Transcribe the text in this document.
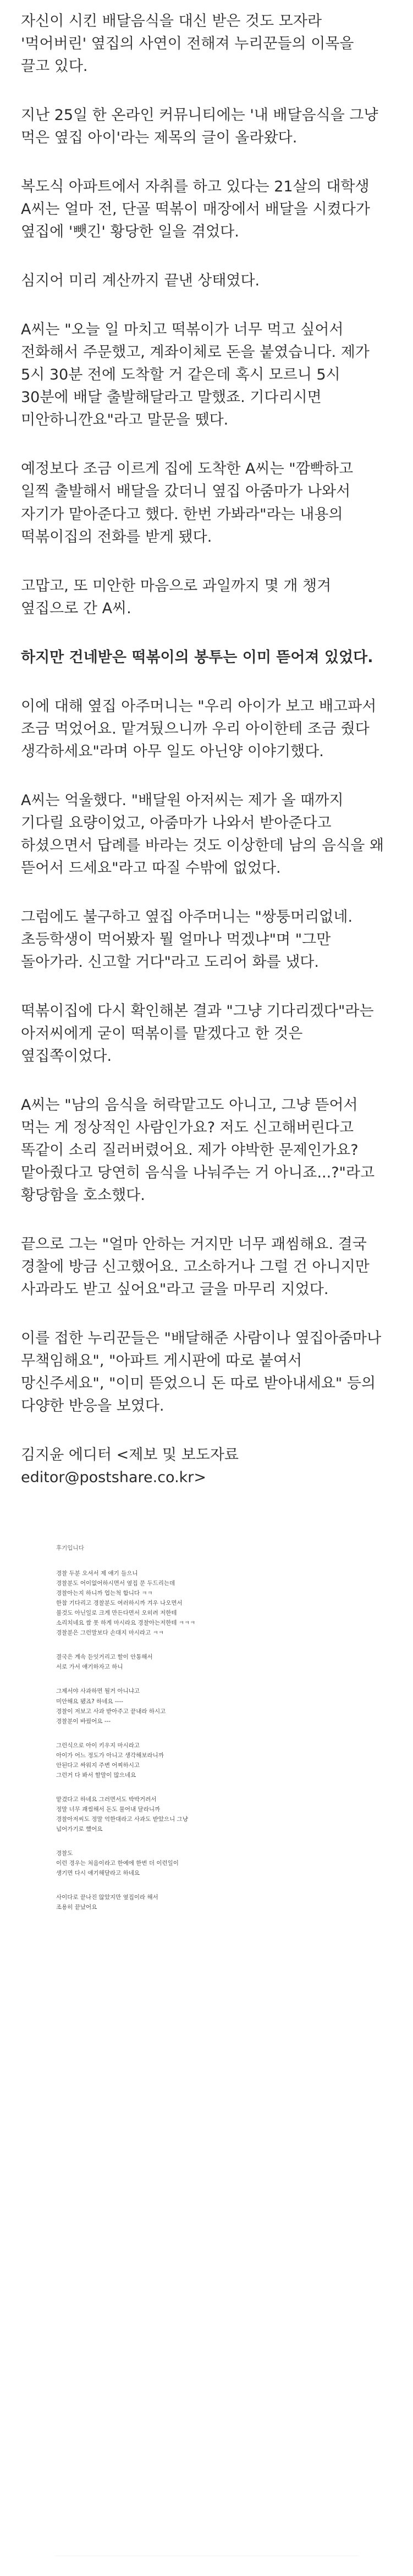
자신이 시킨 배달음식을 대신 받은 것도 모자라 '먹어버린' 옆집의 사연이 전해져 누리꾼들의 이목을 끌고 있다.

지난 25일 한 온라인 커뮤니티에는 '내 배달음식을 그냥 먹은 옆집 아이'라는 제목의 글이 올라왔다.

복도식 아파트에서 자취를 하고 있다는 21살의 대학생 A씨는 얼마 전, 단골 떡볶이 매장에서 배달을 시켰다가 옆집에 '뺏긴' 황당한 일을 겪었다.

심지어 미리 계산까지 끝낸 상태였다.

A씨는 "오늘 일 마치고 떡볶이가 너무 먹고 싶어서 전화해서 주문했고, 계좌이체로 돈을 붙였습니다. 제가 5시 30분 전에 도착할 거 같은데 혹시 모르니 5시 30분에 배달 출발해달라고 말했죠. 기다리시면 미안하니깐요"라고 말문을 뗐다.

예정보다 조금 이르게 집에 도착한 A씨는 "깜빡하고 일찍 출발해서 배달을 갔더니 옆집 아줌마가 나와서 자기가 맡아준다고 했다. 한번 가봐라"라는 내용의 떡볶이집의 전화를 받게 됐다.

고맙고, 또 미안한 마음으로 과일까지 몇 개 챙겨 옆집으로 간 A씨.

하지만 건네받은 떡볶이의 봉투는 이미 뜯어져 있었다.

이에 대해 옆집 아주머니는 "우리 아이가 보고 배고파서 조금 먹었어요. 맡겨뒀으니까 우리 아이한테 조금 줬다 생각하세요"라며 아무 일도 아닌양 이야기했다.

A씨는 억울했다. "배달원 아저씨는 제가 올 때까지 기다릴 요량이었고, 아줌마가 나와서 받아준다고 하셨으면서 답례를 바라는 것도 이상한데 남의 음식을 왜 뜯어서 드세요"라고 따질 수밖에 없었다.

그럼에도 불구하고 옆집 아주머니는 "쌍퉁머리없네. 초등학생이 먹어봤자 뭘 얼마나 먹겠냐"며 "그만 돌아가라. 신고할 거다"라고 도리어 화를 냈다.

떡볶이집에 다시 확인해본 결과 "그냥 기다리겠다"라는 아저씨에게 굳이 떡볶이를 맡겠다고 한 것은 옆집쪽이었다.

A씨는 "남의 음식을 허락맡고도 아니고, 그냥 뜯어서 먹는 게 정상적인 사람인가요? 저도 신고해버린다고 똑같이 소리 질러버렸어요. 제가 야박한 문제인가요? 맡아줬다고 당연히 음식을 나눠주는 거 아니죠...?"라고 황당함을 호소했다.

끝으로 그는 "얼마 안하는 거지만 너무 괘씸해요. 결국 경찰에 방금 신고했어요. 고소하거나 그럴 건 아니지만 사과라도 받고 싶어요"라고 글을 마무리 지었다.

이를 접한 누리꾼들은 "배달해준 사람이나 옆집아줌마나 무책임해요", "아파트 게시판에 따로 붙여서 망신주세요", "이미 뜯었으니 돈 따로 받아내세요" 등의 다양한 반응을 보였다.

김지윤 에디터 <제보 및 보도자료 editor@postshare.co.kr>

후기입니다
경찰 두분 오셔서 제 얘기 들으니
경찰분도 어이없어하시면서 옆집 문 두드리는데
경찰아는지 하니까 업는척 합니다 ㅋㅋ
한참 기다리고 경찰분도 여러하시까 겨우 나오면서
불것도 아닌일로 크게 만든다면서 오히려 저한테
소리치네요 쌈 못 하게 마시라요 경찰아는저한테 ㅋㅋㅋ
경찰분은 그런말보다 손대지 마시라고 ㅋㅋ
결국은 계속 듣잇거리고 할이 안통해서
서로 가서 얘기하자고 하니
그제서야 사과하면 될거 아니냐고
미안해요 됐죠? 하네요 ----
경찰이 저보고 사과 받아주고 끝내라 하시고
경찰분이 바꿨어요 ---
그런식으로 아이 키우지 마시라고
아이가 어느 정도가 아니고 생각해보라니까
안된다고 싸워지 주변 어찌하시고
그런거 다 봐서 할말이 많으네요
맡겼다고 하네요 그러면서도 박박거려서
정말 너무 괘씸해서 돈도 물어내 달라니까
경찰아저씨도 정말 억한대라고 사과도 받았으니 그냥
넘어가기로 했어요
경찰도
이런 경우는 처음이라고 한예에 한번 더 이런일이
생기면 다시 얘기해달라고 하네요
사이다로 끝나진 않았지만 옆집이라 해서
조용히 끝났어요
